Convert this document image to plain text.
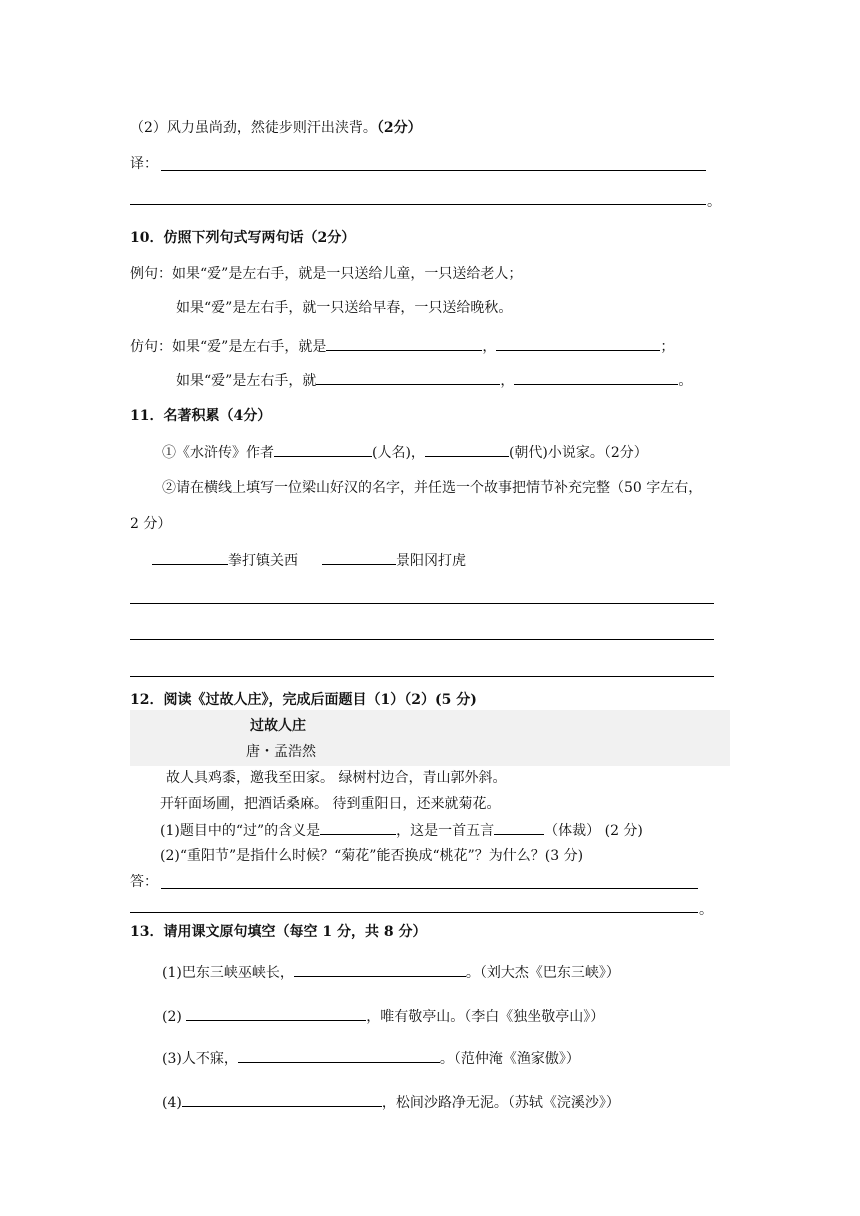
（2）风力虽尚劲，然徒步则汗出浃背。（2分）
译：
。
10．仿照下列句式写两句话（2分）
例句：如果“爱”是左右手，就是一只送给儿童，一只送给老人；
如果“爱”是左右手，就一只送给早春，一只送给晚秋。
仿句：如果“爱”是左右手，就是	，	；
如果“爱”是左右手，就	，	。
11．名著积累（4分）
①《水浒传》作者	(人名)，	(朝代)小说家。（2分）
②请在横线上填写一位梁山好汉的名字，并任选一个故事把情节补充完整（50 字左右，
2 分）
拳打镇关西	景阳冈打虎
12．阅读《过故人庄》，完成后面题目（1）（2）(5 分)
过故人庄
唐・孟浩然
故人具鸡黍，邀我至田家。 绿树村边合，青山郭外斜。
开轩面场圃，把酒话桑麻。 待到重阳日，还来就菊花。
(1)题目中的“过”的含义是	，这是一首五言	（体裁） (2 分)
(2)“重阳节”是指什么时候？“菊花”能否换成“桃花”？为什么？(3 分)
答：
。
13．请用课文原句填空（每空 1 分，共 8 分）
(1)巴东三峡巫峡长，	。（刘大杰《巴东三峡》）
(2)	，唯有敬亭山。（李白《独坐敬亭山》）
(3)人不寐，	。（范仲淹《渔家傲》）
(4)	，松间沙路净无泥。（苏轼《浣溪沙》）
